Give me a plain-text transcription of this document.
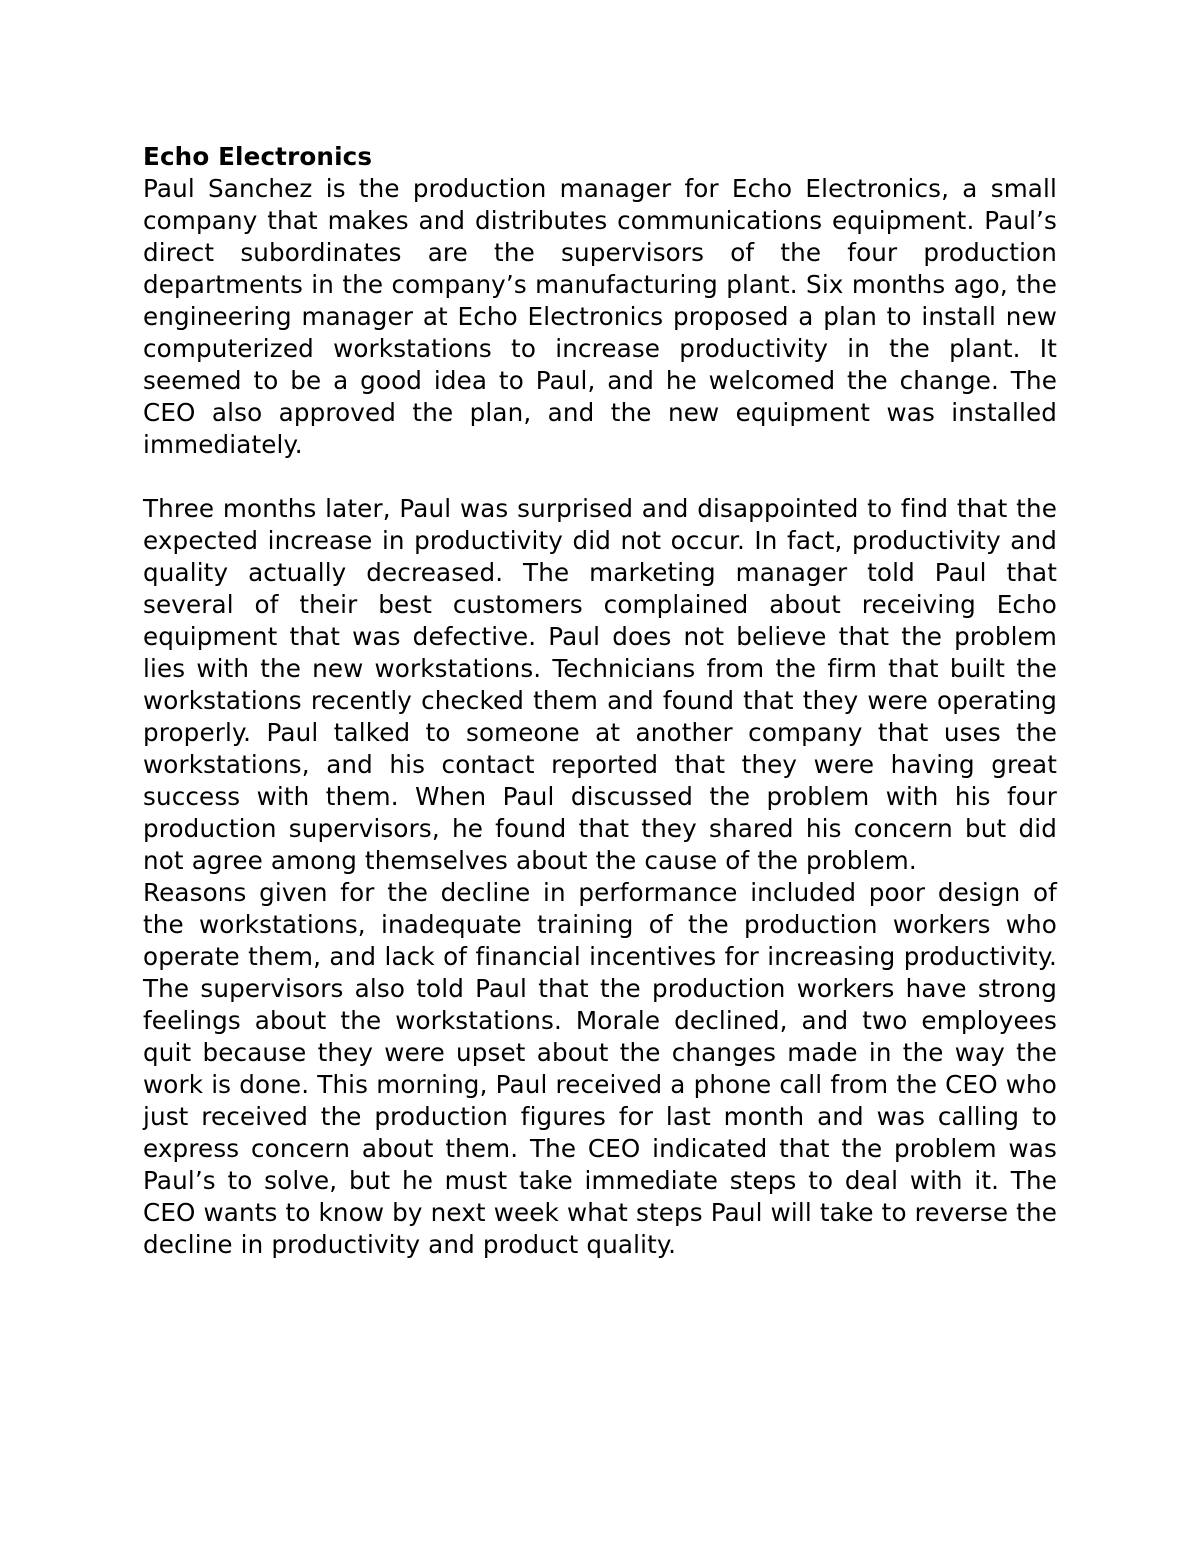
Echo Electronics

Paul Sanchez is the production manager for Echo Electronics, a small company that makes and distributes communications equipment. Paul’s direct subordinates are the supervisors of the four production departments in the company’s manufacturing plant. Six months ago, the engineering manager at Echo Electronics proposed a plan to install new computerized workstations to increase productivity in the plant. It seemed to be a good idea to Paul, and he welcomed the change. The CEO also approved the plan, and the new equipment was installed immediately.

Three months later, Paul was surprised and disappointed to find that the expected increase in productivity did not occur. In fact, productivity and quality actually decreased. The marketing manager told Paul that several of their best customers complained about receiving Echo equipment that was defective. Paul does not believe that the problem lies with the new workstations. Technicians from the firm that built the workstations recently checked them and found that they were operating properly. Paul talked to someone at another company that uses the workstations, and his contact reported that they were having great success with them. When Paul discussed the problem with his four production supervisors, he found that they shared his concern but did not agree among themselves about the cause of the problem.

Reasons given for the decline in performance included poor design of the workstations, inadequate training of the production workers who operate them, and lack of financial incentives for increasing productivity. The supervisors also told Paul that the production workers have strong feelings about the workstations. Morale declined, and two employees quit because they were upset about the changes made in the way the work is done. This morning, Paul received a phone call from the CEO who just received the production figures for last month and was calling to express concern about them. The CEO indicated that the problem was Paul’s to solve, but he must take immediate steps to deal with it. The CEO wants to know by next week what steps Paul will take to reverse the decline in productivity and product quality.
